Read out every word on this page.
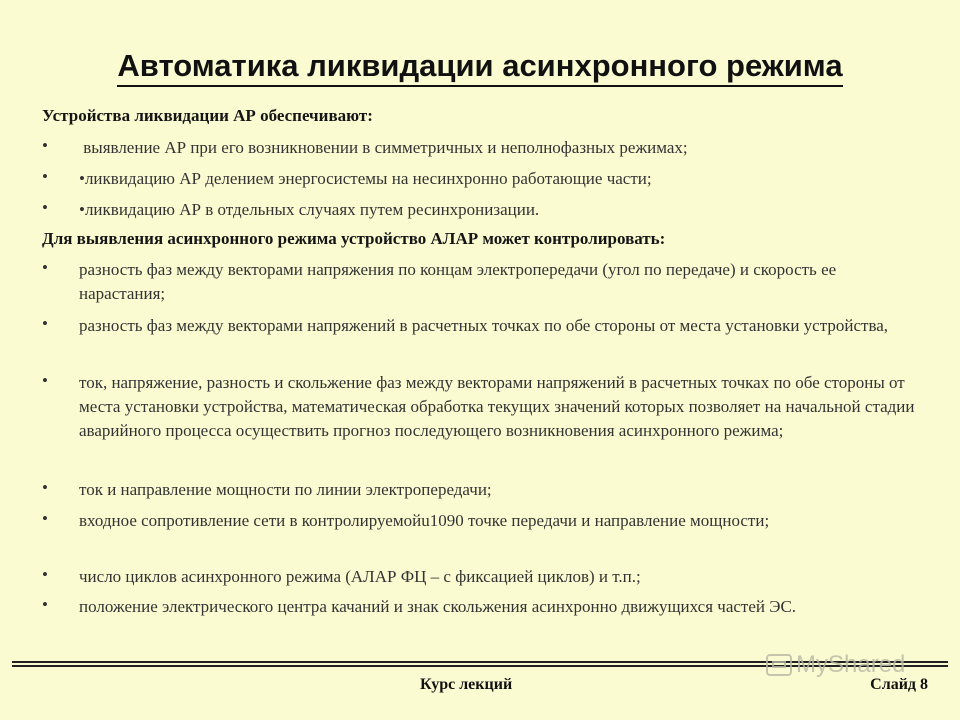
Автоматика ликвидации асинхронного режима
Устройства ликвидации АР обеспечивают:
•	выявление АР при его возникновении в симметричных и неполнофазных режимах;
•	•ликвидацию АР делением энергосистемы на несинхронно работающие части;
•	•ликвидацию АР в отдельных случаях путем ресинхронизации.
Для выявления асинхронного режима устройство АЛАР может контролировать:
•	разность фаз между векторами напряжения по концам электропередачи (угол по передаче) и скорость ее нарастания;
•	разность фаз между векторами напряжений в расчетных точках по обе стороны от места установки устройства,
•	ток, напряжение, разность и скольжение фаз между векторами напряжений в расчетных точках по обе стороны от места установки устройства, математическая обработка текущих значений которых позволяет на начальной стадии аварийного процесса осуществить прогноз последующего возникновения асинхронного режима;
•	ток и направление мощности по линии электропередачи;
•	входное сопротивление сети в контролируемойu1090 точке передачи и направление мощности;
•	число циклов асинхронного режима (АЛАР ФЦ – с фиксацией циклов) и т.п.;
•	положение электрического центра качаний и знак скольжения асинхронно движущихся частей ЭС.
MyShared
Курс лекций	Слайд 8
